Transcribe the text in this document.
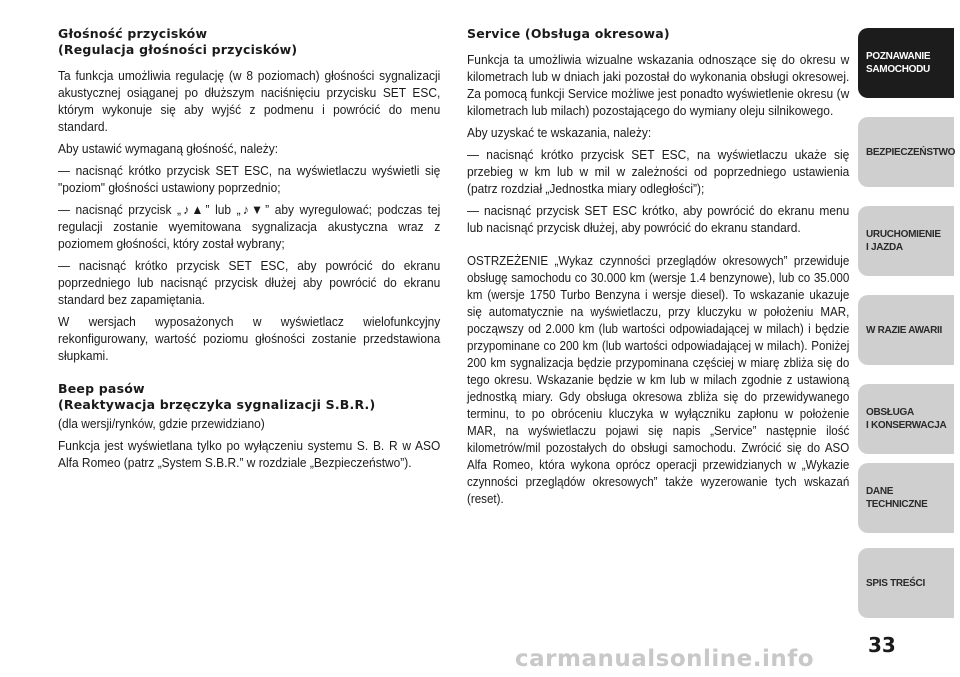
Głośność przycisków
(Regulacja głośności przycisków)

Ta funkcja umożliwia regulację (w 8 poziomach) głośności sygnalizacji akustycznej osiąganej po dłuższym naciśnięciu przycisku SET ESC, którym wykonuje się aby wyjść z podmenu i powrócić do menu standard.

Aby ustawić wymaganą głośność, należy:

— nacisnąć krótko przycisk SET ESC, na wyświetlaczu wyświetli się "poziom" głośności ustawiony poprzednio;

— nacisnąć przycisk „♪▲” lub „♪▼” aby wyregulować; podczas tej regulacji zostanie wyemitowana sygnalizacja akustyczna wraz z poziomem głośności, który został wybrany;

— nacisnąć krótko przycisk SET ESC, aby powrócić do ekranu poprzedniego lub nacisnąć przycisk dłużej aby powrócić do ekranu standard bez zapamiętania.

W wersjach wyposażonych w wyświetlacz wielofunkcyjny rekonfigurowany, wartość poziomu głośności zostanie przedstawiona słupkami.

Beep pasów
(Reaktywacja brzęczyka sygnalizacji S.B.R.)

(dla wersji/rynków, gdzie przewidziano)

Funkcja jest wyświetlana tylko po wyłączeniu systemu S. B. R w ASO Alfa Romeo (patrz „System S.B.R.” w rozdziale „Bezpieczeństwo”).

Service (Obsługa okresowa)

Funkcja ta umożliwia wizualne wskazania odnoszące się do okresu w kilometrach lub w dniach jaki pozostał do wykonania obsługi okresowej. Za pomocą funkcji Service możliwe jest ponadto wyświetlenie okresu (w kilometrach lub milach) pozostającego do wymiany oleju silnikowego.

Aby uzyskać te wskazania, należy:

— nacisnąć krótko przycisk SET ESC, na wyświetlaczu ukaże się przebieg w km lub w mil w zależności od poprzedniego ustawienia (patrz rozdział „Jednostka miary odległości”);

— nacisnąć przycisk SET ESC krótko, aby powrócić do ekranu menu lub nacisnąć przycisk dłużej, aby powrócić do ekranu standard.

OSTRZEŻENIE „Wykaz czynności przeglądów okresowych” przewiduje obsługę samochodu co 30.000 km (wersje 1.4 benzynowe), lub co 35.000 km (wersje 1750 Turbo Benzyna i wersje diesel). To wskazanie ukazuje się automatycznie na wyświetlaczu, przy kluczyku w położeniu MAR, począwszy od 2.000 km (lub wartości odpowiadającej w milach) i będzie przypominane co 200 km (lub wartości odpowiadającej w milach). Poniżej 200 km sygnalizacja będzie przypominana częściej w miarę zbliża się do tego okresu. Wskazanie będzie w km lub w milach zgodnie z ustawioną jednostką miary. Gdy obsługa okresowa zbliża się do przewidywanego terminu, to po obróceniu kluczyka w wyłączniku zapłonu w położenie MAR, na wyświetlaczu pojawi się napis „Service” następnie ilość kilometrów/mil pozostałych do obsługi samochodu. Zwrócić się do ASO Alfa Romeo, która wykona oprócz operacji przewidzianych w „Wykazie czynności przeglądów okresowych” także wyzerowanie tych wskazań (reset).

POZNAWANIE
SAMOCHODU
BEZPIECZEŃSTWO
URUCHOMIENIE
I JAZDA
W RAZIE AWARII
OBSŁUGA
I KONSERWACJA
DANE
TECHNICZNE
SPIS TREŚCI
33
carmanualsonline.info
